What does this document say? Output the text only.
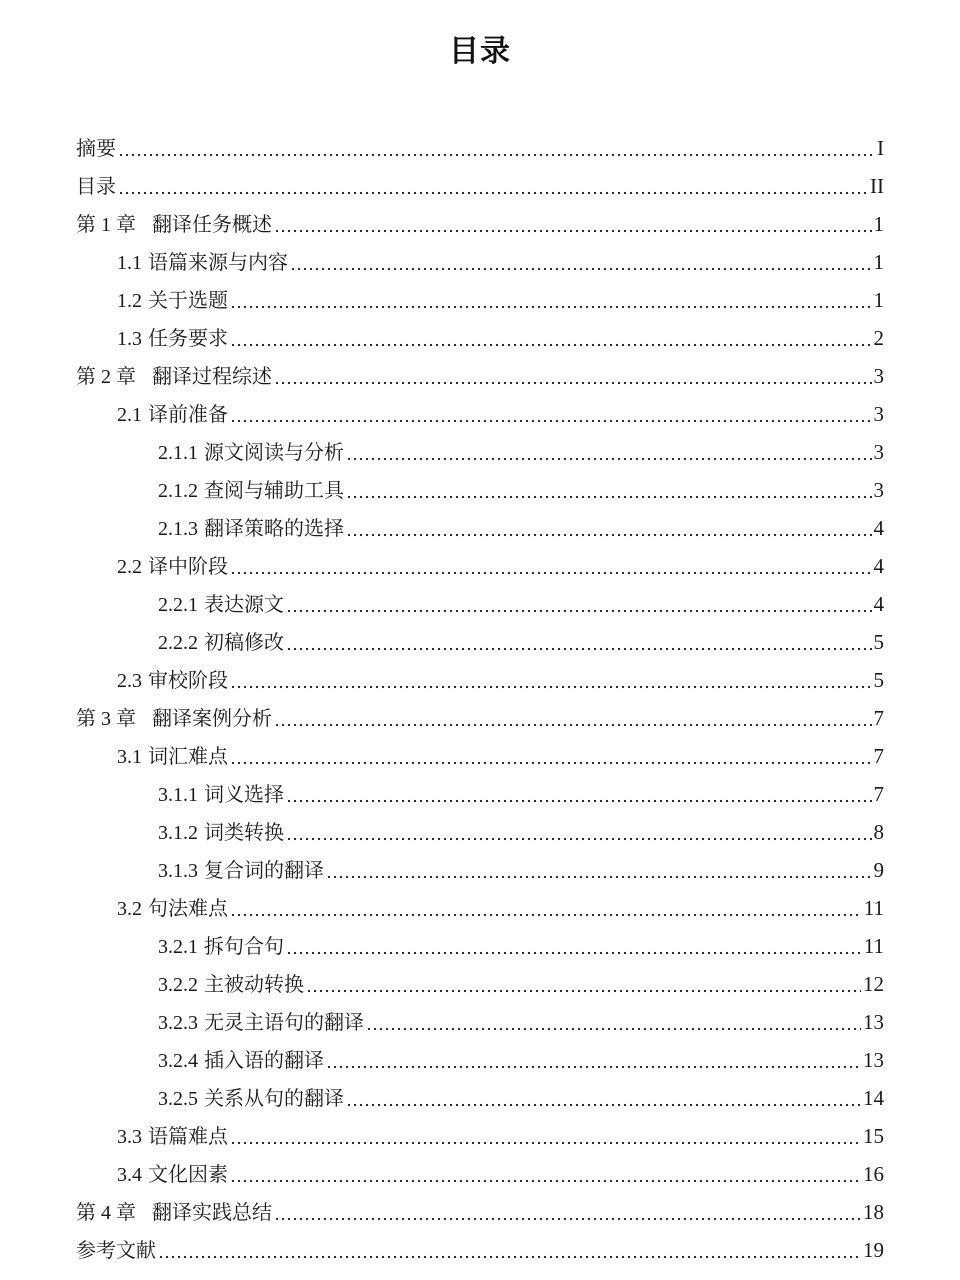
目录
摘要	I
目录	II
第 1 章 翻译任务概述	1
1.1 语篇来源与内容	1
1.2 关于选题	1
1.3 任务要求	2
第 2 章 翻译过程综述	3
2.1 译前准备	3
2.1.1 源文阅读与分析	3
2.1.2 查阅与辅助工具	3
2.1.3 翻译策略的选择	4
2.2 译中阶段	4
2.2.1 表达源文	4
2.2.2 初稿修改	5
2.3 审校阶段	5
第 3 章 翻译案例分析	7
3.1 词汇难点	7
3.1.1 词义选择	7
3.1.2 词类转换	8
3.1.3 复合词的翻译	9
3.2 句法难点	11
3.2.1 拆句合句	11
3.2.2 主被动转换	12
3.2.3 无灵主语句的翻译	13
3.2.4 插入语的翻译	13
3.2.5 关系从句的翻译	14
3.3 语篇难点	15
3.4 文化因素	16
第 4 章 翻译实践总结	18
参考文献	19
